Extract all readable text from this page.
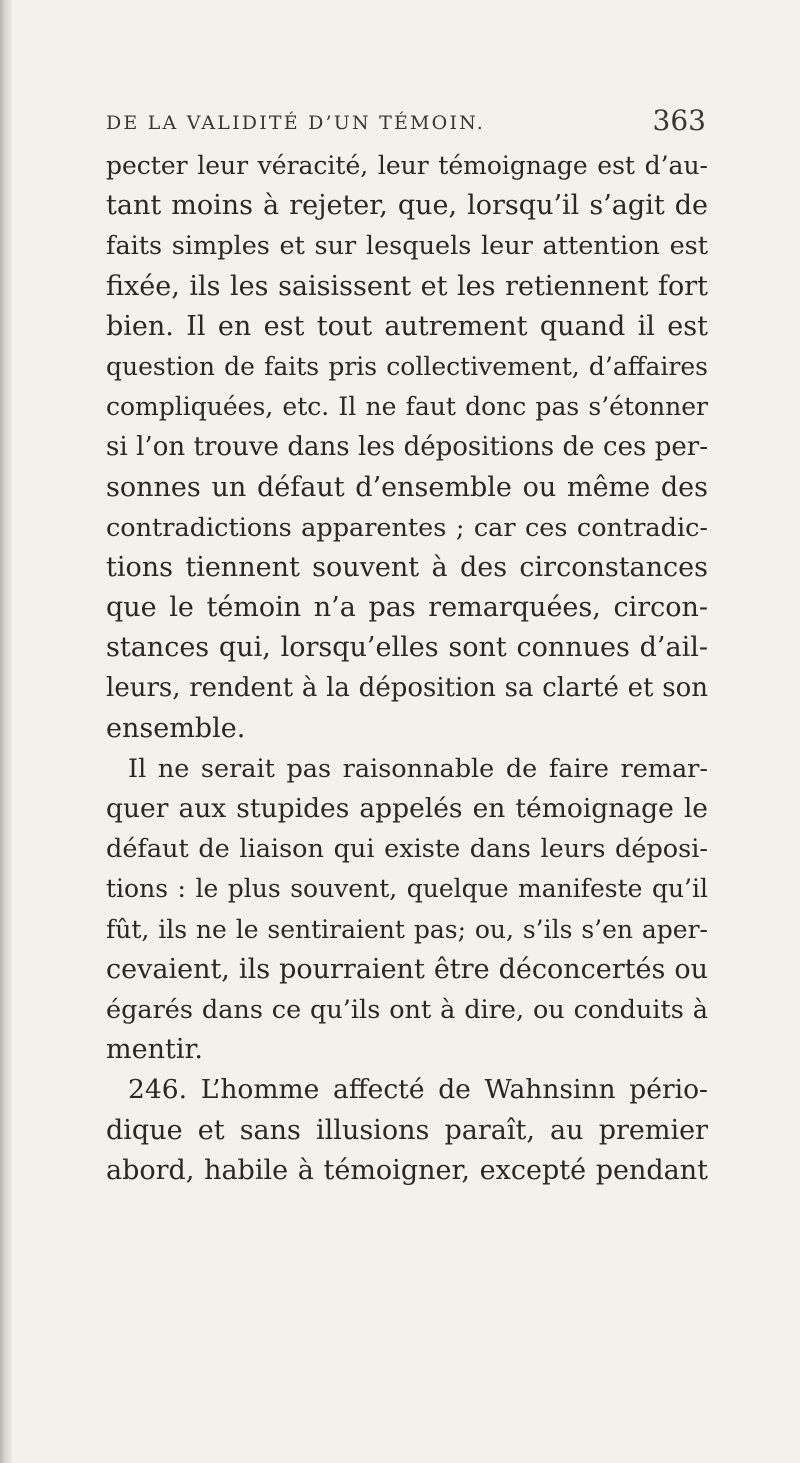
DE LA VALIDITÉ D’UN TÉMOIN.	363
pecter leur véracité, leur témoignage est d’au-
tant moins à rejeter, que, lorsqu’il s’agit de
faits simples et sur lesquels leur attention est
fixée, ils les saisissent et les retiennent fort
bien. Il en est tout autrement quand il est
question de faits pris collectivement, d’affaires
compliquées, etc. Il ne faut donc pas s’étonner
si l’on trouve dans les dépositions de ces per-
sonnes un défaut d’ensemble ou même des
contradictions apparentes ; car ces contradic-
tions tiennent souvent à des circonstances
que le témoin n’a pas remarquées, circon-
stances qui, lorsqu’elles sont connues d’ail-
leurs, rendent à la déposition sa clarté et son
ensemble.
Il ne serait pas raisonnable de faire remar-
quer aux stupides appelés en témoignage le
défaut de liaison qui existe dans leurs déposi-
tions : le plus souvent, quelque manifeste qu’il
fût, ils ne le sentiraient pas; ou, s’ils s’en aper-
cevaient, ils pourraient être déconcertés ou
égarés dans ce qu’ils ont à dire, ou conduits à
mentir.
246. L’homme affecté de Wahnsinn pério-
dique et sans illusions paraît, au premier
abord, habile à témoigner, excepté pendant
